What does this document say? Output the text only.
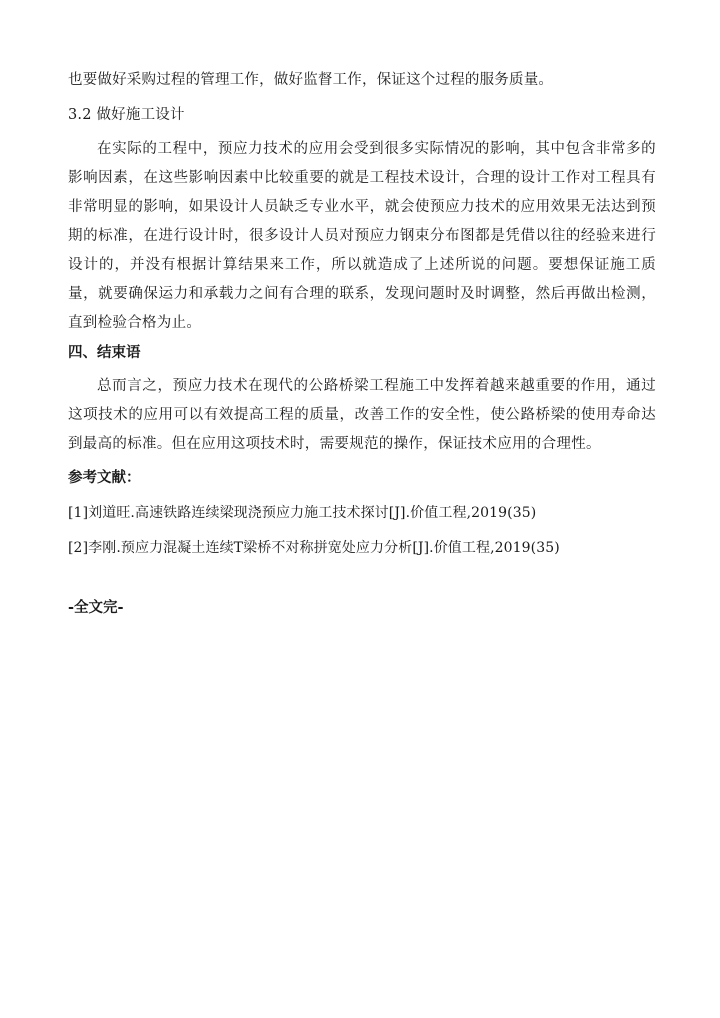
也要做好采购过程的管理工作，做好监督工作，保证这个过程的服务质量。
3.2 做好施工设计
在实际的工程中，预应力技术的应用会受到很多实际情况的影响，其中包含非常多的影响因素，在这些影响因素中比较重要的就是工程技术设计，合理的设计工作对工程具有非常明显的影响，如果设计人员缺乏专业水平，就会使预应力技术的应用效果无法达到预期的标准，在进行设计时，很多设计人员对预应力钢束分布图都是凭借以往的经验来进行设计的，并没有根据计算结果来工作，所以就造成了上述所说的问题。要想保证施工质量，就要确保运力和承载力之间有合理的联系，发现问题时及时调整，然后再做出检测，直到检验合格为止。
四、结束语
总而言之，预应力技术在现代的公路桥梁工程施工中发挥着越来越重要的作用，通过这项技术的应用可以有效提高工程的质量，改善工作的安全性，使公路桥梁的使用寿命达到最高的标准。但在应用这项技术时，需要规范的操作，保证技术应用的合理性。
参考文献：
[1]刘道旺.高速铁路连续梁现浇预应力施工技术探讨[J].价值工程,2019(35)
[2]李刚.预应力混凝土连续T梁桥不对称拼宽处应力分析[J].价值工程,2019(35)
-全文完-
